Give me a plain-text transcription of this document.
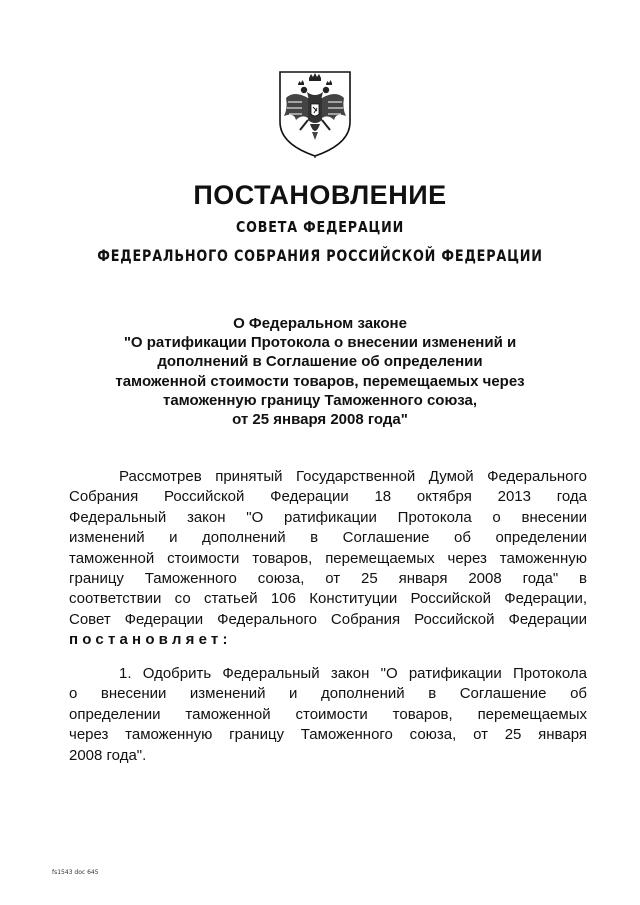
ПОСТАНОВЛЕНИЕ
СОВЕТА ФЕДЕРАЦИИ
ФЕДЕРАЛЬНОГО СОБРАНИЯ РОССИЙСКОЙ ФЕДЕРАЦИИ
О Федеральном законе
"О ратификации Протокола о внесении изменений и
дополнений в Соглашение об определении
таможенной стоимости товаров, перемещаемых через
таможенную границу Таможенного союза,
от 25 января 2008 года"
Рассмотрев принятый Государственной Думой Федерального
Собрания Российской Федерации 18 октября 2013 года
Федеральный закон "О ратификации Протокола о внесении
изменений и дополнений в Соглашение об определении
таможенной стоимости товаров, перемещаемых через таможенную
границу Таможенного союза, от 25 января 2008 года" в
соответствии со статьей 106 Конституции Российской Федерации,
Совет Федерации Федерального Собрания Российской Федерации
постановляет:
1. Одобрить Федеральный закон "О ратификации Протокола
о внесении изменений и дополнений в Соглашение об
определении таможенной стоимости товаров, перемещаемых
через таможенную границу Таможенного союза, от 25 января
2008 года".
fs1543 doc 645
